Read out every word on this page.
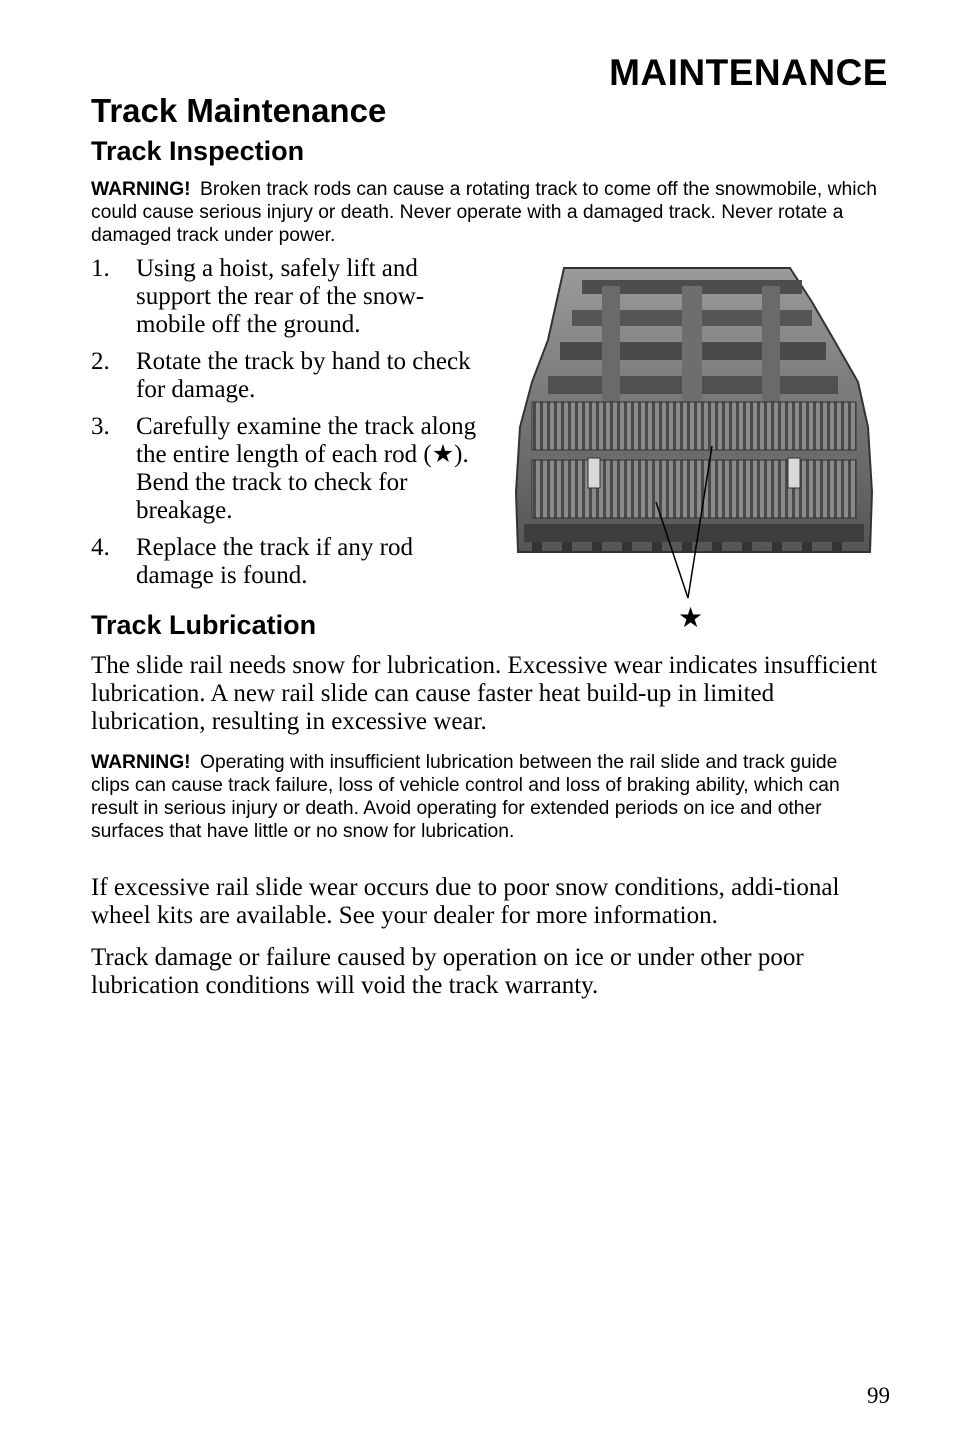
MAINTENANCE
Track Maintenance
Track Inspection
WARNING! Broken track rods can cause a rotating track to come off the snowmobile, which could cause serious injury or death. Never operate with a damaged track. Never rotate a damaged track under power.
1. Using a hoist, safely lift and support the rear of the snow-mobile off the ground.
2. Rotate the track by hand to check for damage.
3. Carefully examine the track along the entire length of each rod (★). Bend the track to check for breakage.
4. Replace the track if any rod damage is found.
★
Track Lubrication

The slide rail needs snow for lubrication. Excessive wear indicates insufficient lubrication. A new rail slide can cause faster heat build-up in limited lubrication, resulting in excessive wear.

WARNING! Operating with insufficient lubrication between the rail slide and track guide clips can cause track failure, loss of vehicle control and loss of braking ability, which can result in serious injury or death. Avoid operating for extended periods on ice and other surfaces that have little or no snow for lubrication.

If excessive rail slide wear occurs due to poor snow conditions, addi-tional wheel kits are available. See your dealer for more information.

Track damage or failure caused by operation on ice or under other poor lubrication conditions will void the track warranty.

99
